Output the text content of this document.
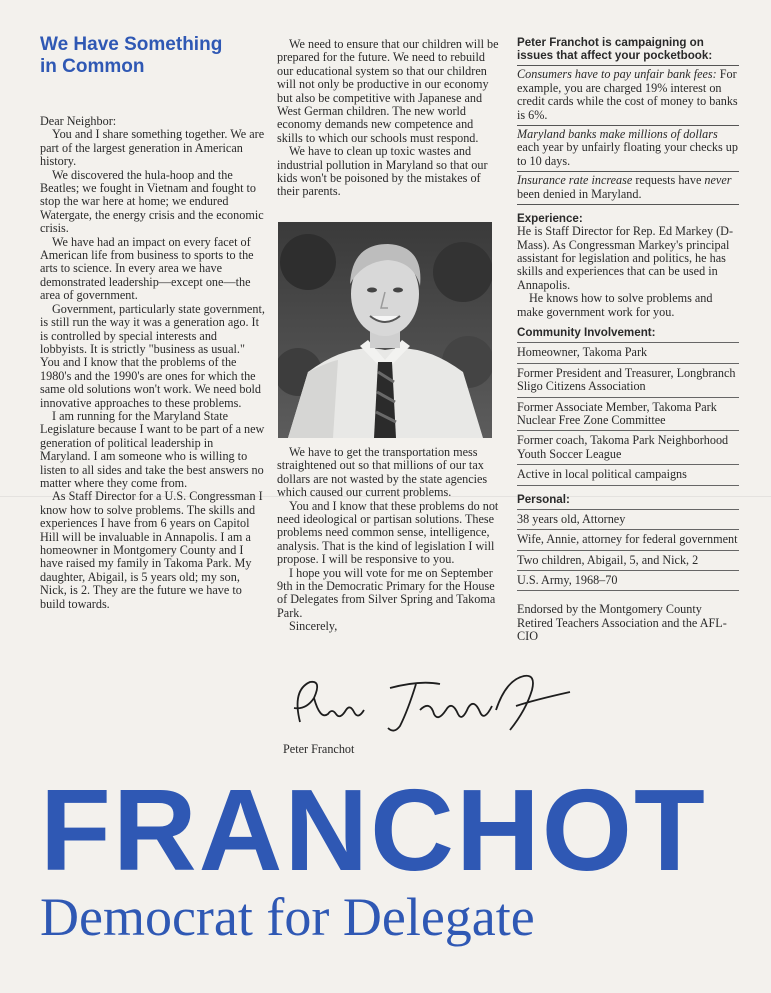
We Have Something
in Common

Dear Neighbor:

You and I share something together. We are part of the largest generation in American history.

We discovered the hula-hoop and the Beatles; we fought in Vietnam and fought to stop the war here at home; we endured Watergate, the energy crisis and the economic crisis.

We have had an impact on every facet of American life from business to sports to the arts to science. In every area we have demonstrated leadership—except one—the area of government.

Government, particularly state government, is still run the way it was a generation ago. It is controlled by special interests and lobbyists. It is strictly "business as usual." You and I know that the problems of the 1980's and the 1990's are ones for which the same old solutions won't work. We need bold innovative approaches to these problems.

I am running for the Maryland State Legislature because I want to be part of a new generation of political leadership in Maryland. I am someone who is willing to listen to all sides and take the best answers no matter where they come from.

As Staff Director for a U.S. Congressman I know how to solve problems. The skills and experiences I have from 6 years on Capitol Hill will be invaluable in Annapolis. I am a homeowner in Montgomery County and I have raised my family in Takoma Park. My daughter, Abigail, is 5 years old; my son, Nick, is 2. They are the future we have to build towards.

We need to ensure that our children will be prepared for the future. We need to rebuild our educational system so that our children will not only be productive in our economy but also be competitive with Japanese and West German children. The new world economy demands new competence and skills to which our schools must respond.

We have to clean up toxic wastes and industrial pollution in Maryland so that our kids won't be poisoned by the mistakes of their parents.

We have to get the transportation mess straightened out so that millions of our tax dollars are not wasted by the state agencies which caused our current problems.

You and I know that these problems do not need ideological or partisan solutions. These problems need common sense, intelligence, analysis. That is the kind of legislation I will propose. I will be responsive to you.

I hope you will vote for me on September 9th in the Democratic Primary for the House of Delegates from Silver Spring and Takoma Park.

Sincerely,

Peter Franchot
Peter Franchot is campaigning on issues that affect your pocketbook:
Consumers have to pay unfair bank fees: For example, you are charged 19% interest on credit cards while the cost of money to banks is 6%.
Maryland banks make millions of dollars each year by unfairly floating your checks up to 10 days.
Insurance rate increase requests have never been denied in Maryland.
Experience:

He is Staff Director for Rep. Ed Markey (D-Mass). As Congressman Markey's principal assistant for legislation and politics, he has skills and experiences that can be used in Annapolis.

He knows how to solve problems and make government work for you.

Community Involvement:
Homeowner, Takoma Park
Former President and Treasurer, Longbranch Sligo Citizens Association
Former Associate Member, Takoma Park Nuclear Free Zone Committee
Former coach, Takoma Park Neighborhood Youth Soccer League
Active in local political campaigns
Personal:
38 years old, Attorney
Wife, Annie, attorney for federal government
Two children, Abigail, 5, and Nick, 2
U.S. Army, 1968–70
Endorsed by the Montgomery County Retired Teachers Association and the AFL-CIO
FRANCHOT
Democrat for Delegate
